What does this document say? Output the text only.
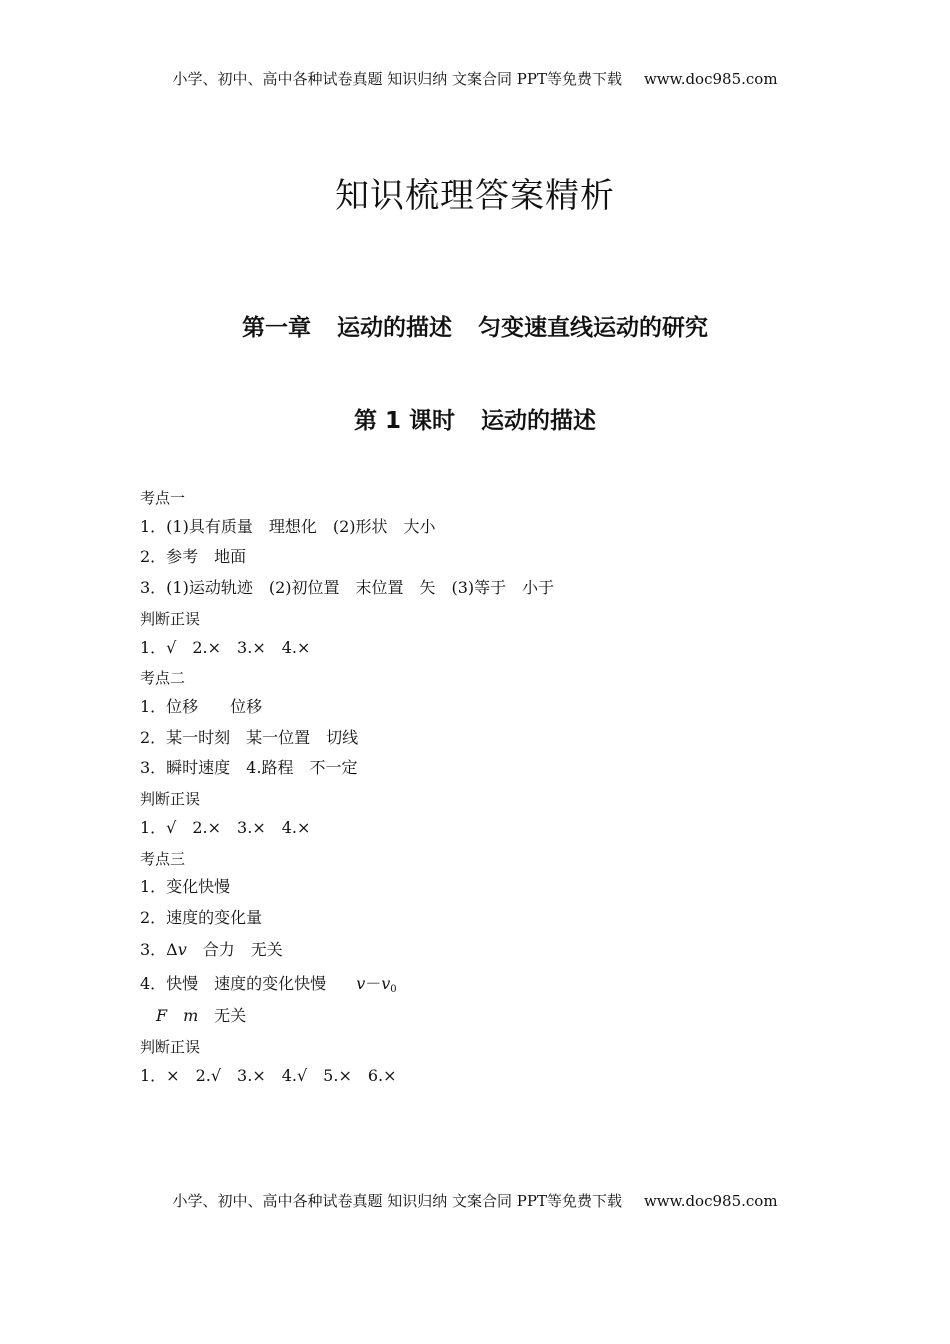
小学、初中、高中各种试卷真题 知识归纳 文案合同 PPT等免费下载 www.doc985.com
知识梳理答案精析
第一章 运动的描述 匀变速直线运动的研究
第 1 课时 运动的描述
考点一
1．(1)具有质量　理想化　(2)形状　大小
2．参考　地面
3．(1)运动轨迹　(2)初位置　末位置　矢　(3)等于　小于
判断正误
1．√　2.×　3.×　4.×
考点二
1．位移　　位移
2．某一时刻　某一位置　切线
3．瞬时速度　4.路程　不一定
判断正误
1．√　2.×　3.×　4.×
考点三
1．变化快慢
2．速度的变化量
3．Δv　合力　无关
4．快慢　速度的变化快慢 $v-v_0$
F m 无关
判断正误
1．×　2.√　3.×　4.√　5.×　6.×
小学、初中、高中各种试卷真题 知识归纳 文案合同 PPT等免费下载 www.doc985.com
